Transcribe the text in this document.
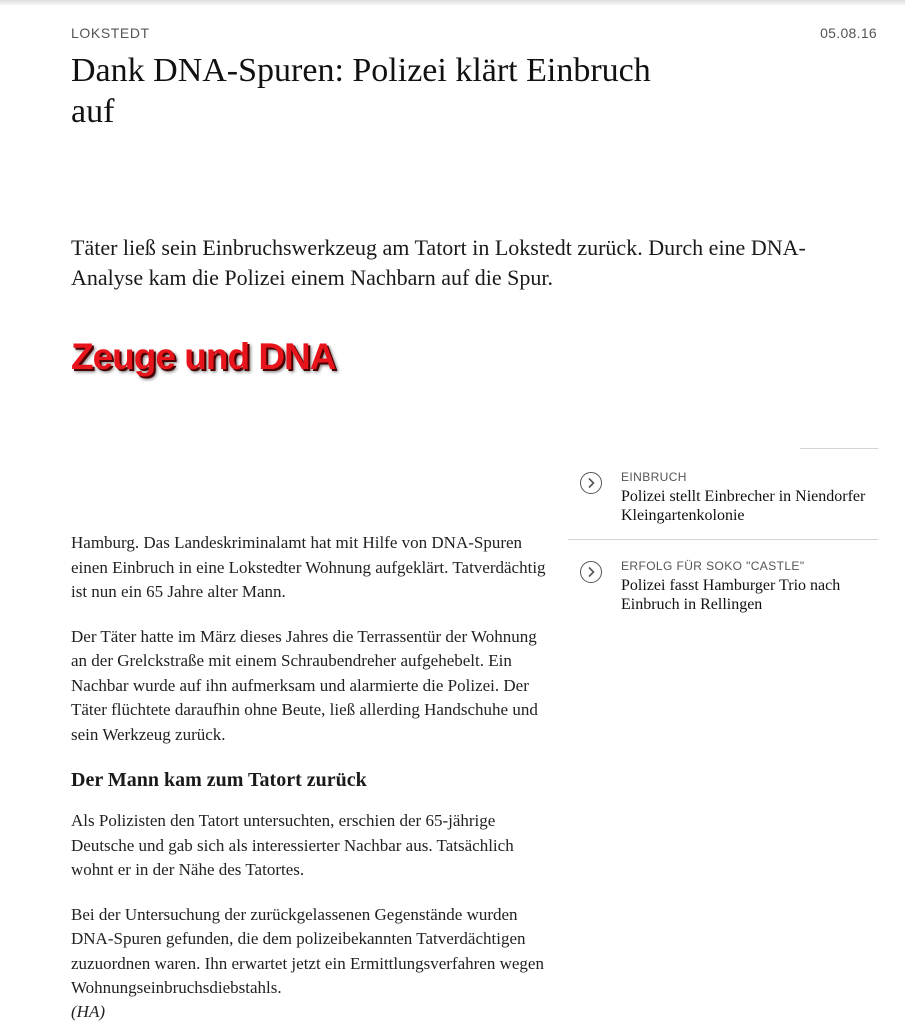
LOKSTEDT	05.08.16
Dank DNA-Spuren: Polizei klärt Einbruch auf

Täter ließ sein Einbruchswerkzeug am Tatort in Lokstedt zurück. Durch eine DNA-Analyse kam die Polizei einem Nachbarn auf die Spur.

Zeuge und DNA

Hamburg. Das Landeskriminalamt hat mit Hilfe von DNA-Spuren einen Einbruch in eine Lokstedter Wohnung aufgeklärt. Tatverdächtig ist nun ein 65 Jahre alter Mann.

Der Täter hatte im März dieses Jahres die Terrassentür der Wohnung an der Grelckstraße mit einem Schraubendreher aufgehebelt. Ein Nachbar wurde auf ihn aufmerksam und alarmierte die Polizei. Der Täter flüchtete daraufhin ohne Beute, ließ allerding Handschuhe und sein Werkzeug zurück.

Der Mann kam zum Tatort zurück

Als Polizisten den Tatort untersuchten, erschien der 65-jährige Deutsche und gab sich als interessierter Nachbar aus. Tatsächlich wohnt er in der Nähe des Tatortes.

Bei der Untersuchung der zurückgelassenen Gegenstände wurden DNA-Spuren gefunden, die dem polizeibekannten Tatverdächtigen zuzuordnen waren. Ihn erwartet jetzt ein Ermittlungsverfahren wegen Wohnungseinbruchsdiebstahls.

(HA)
EINBRUCH
Polizei stellt Einbrecher in Niendorfer Kleingartenkolonie
ERFOLG FÜR SOKO "CASTLE"
Polizei fasst Hamburger Trio nach Einbruch in Rellingen
